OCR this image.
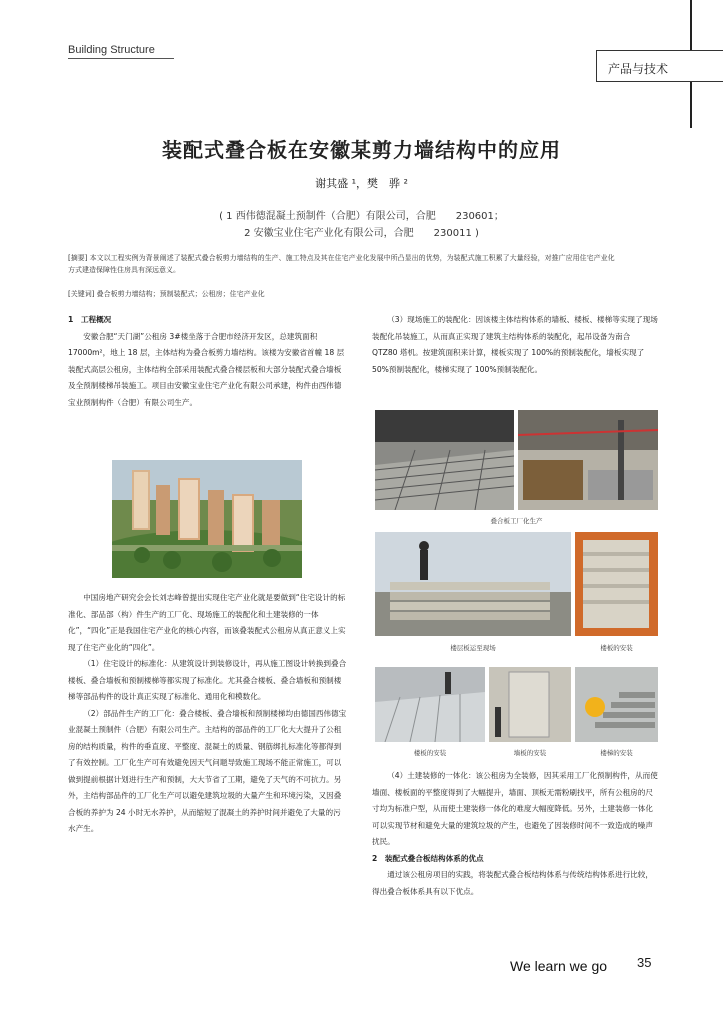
Building Structure
产品与技术
装配式叠合板在安徽某剪力墙结构中的应用
谢其盛 ¹，樊　骅 ²
( 1 西伟德混凝土预制件（合肥）有限公司，合肥　　230601；
2 安徽宝业住宅产业化有限公司，合肥　　230011 )
[摘要] 本文以工程实例为背景阐述了装配式叠合板剪力墙结构的生产、施工特点及其在住宅产业化发展中所凸显出的优势，为装配式施工积累了大量经验，对推广应用住宅产业化方式建造保障性住房具有深远意义。
[关键词] 叠合板剪力墙结构；预制装配式；公租房；住宅产业化

1　工程概况

安徽合肥“天门湖”公租房 3#楼坐落于合肥市经济开发区，总建筑面积 17000m²，地上 18 层，主体结构为叠合板剪力墙结构。该楼为安徽省首幢 18 层装配式高层公租房，主体结构全部采用装配式叠合楼层板和大部分装配式叠合墙板及全预制楼梯吊装施工。项目由安徽宝业住宅产业化有限公司承建，构件由西伟德宝业预制构件（合肥）有限公司生产。

中国房地产研究会会长刘志峰曾提出实现住宅产业化就是要做到“住宅设计的标准化、部品部（构）件生产的工厂化、现场施工的装配化和土建装修的一体化”，“四化”正是我国住宅产业化的核心内容，而该叠装配式公租房从真正意义上实现了住宅产业化的“四化”。

（1）住宅设计的标准化：从建筑设计到装修设计，再从施工图设计转换到叠合楼板、叠合墙板和预制楼梯等都实现了标准化。尤其叠合楼板、叠合墙板和预制楼梯等部品构件的设计真正实现了标准化、通用化和模数化。

（2）部品件生产的工厂化：叠合楼板、叠合墙板和预制楼梯均由德国西伟德宝业混凝土预制件（合肥）有限公司生产。主结构的部品件的工厂化大大提升了公租房的结构质量，构件的垂直度、平整度、混凝土的质量、钢筋绑扎标准化等都得到了有效控制。工厂化生产可有效避免因天气问题导致施工现场不能正常施工，可以做到提前根据计划进行生产和预制，大大节省了工期，避免了天气的不可抗力。另外，主结构部品件的工厂化生产可以避免建筑垃圾的大量产生和环境污染，又因叠合板的养护为 24 小时无水养护，从而缩短了混凝土的养护时间并避免了大量的污水产生。

（3）现场施工的装配化：因该楼主体结构体系的墙板、楼板、楼梯等实现了现场装配化吊装施工，从而真正实现了建筑主结构体系的装配化，起吊设备为南合 QTZ80 塔机。按建筑面积来计算，楼板实现了 100%的预制装配化，墙板实现了 50%预制装配化，楼梯实现了 100%预制装配化。

叠合板工厂化生产
楼层板运至现场	楼板的安装
楼板的安装	墙板的安装	楼梯的安装

（4）土建装修的一体化：该公租房为全装修，因其采用工厂化预制构件，从而使墙面、楼板面的平整度得到了大幅提升，墙面、顶板无需粉刷找平，所有公租房的尺寸均为标准户型，从而使土建装修一体化的难度大幅度降低。另外，土建装修一体化可以实现节材和避免大量的建筑垃圾的产生，也避免了因装修时间不一致造成的噪声扰民。

2　装配式叠合板结构体系的优点

通过该公租房项目的实践，将装配式叠合板结构体系与传统结构体系进行比较，得出叠合板体系具有以下优点。

We learn we go 35
